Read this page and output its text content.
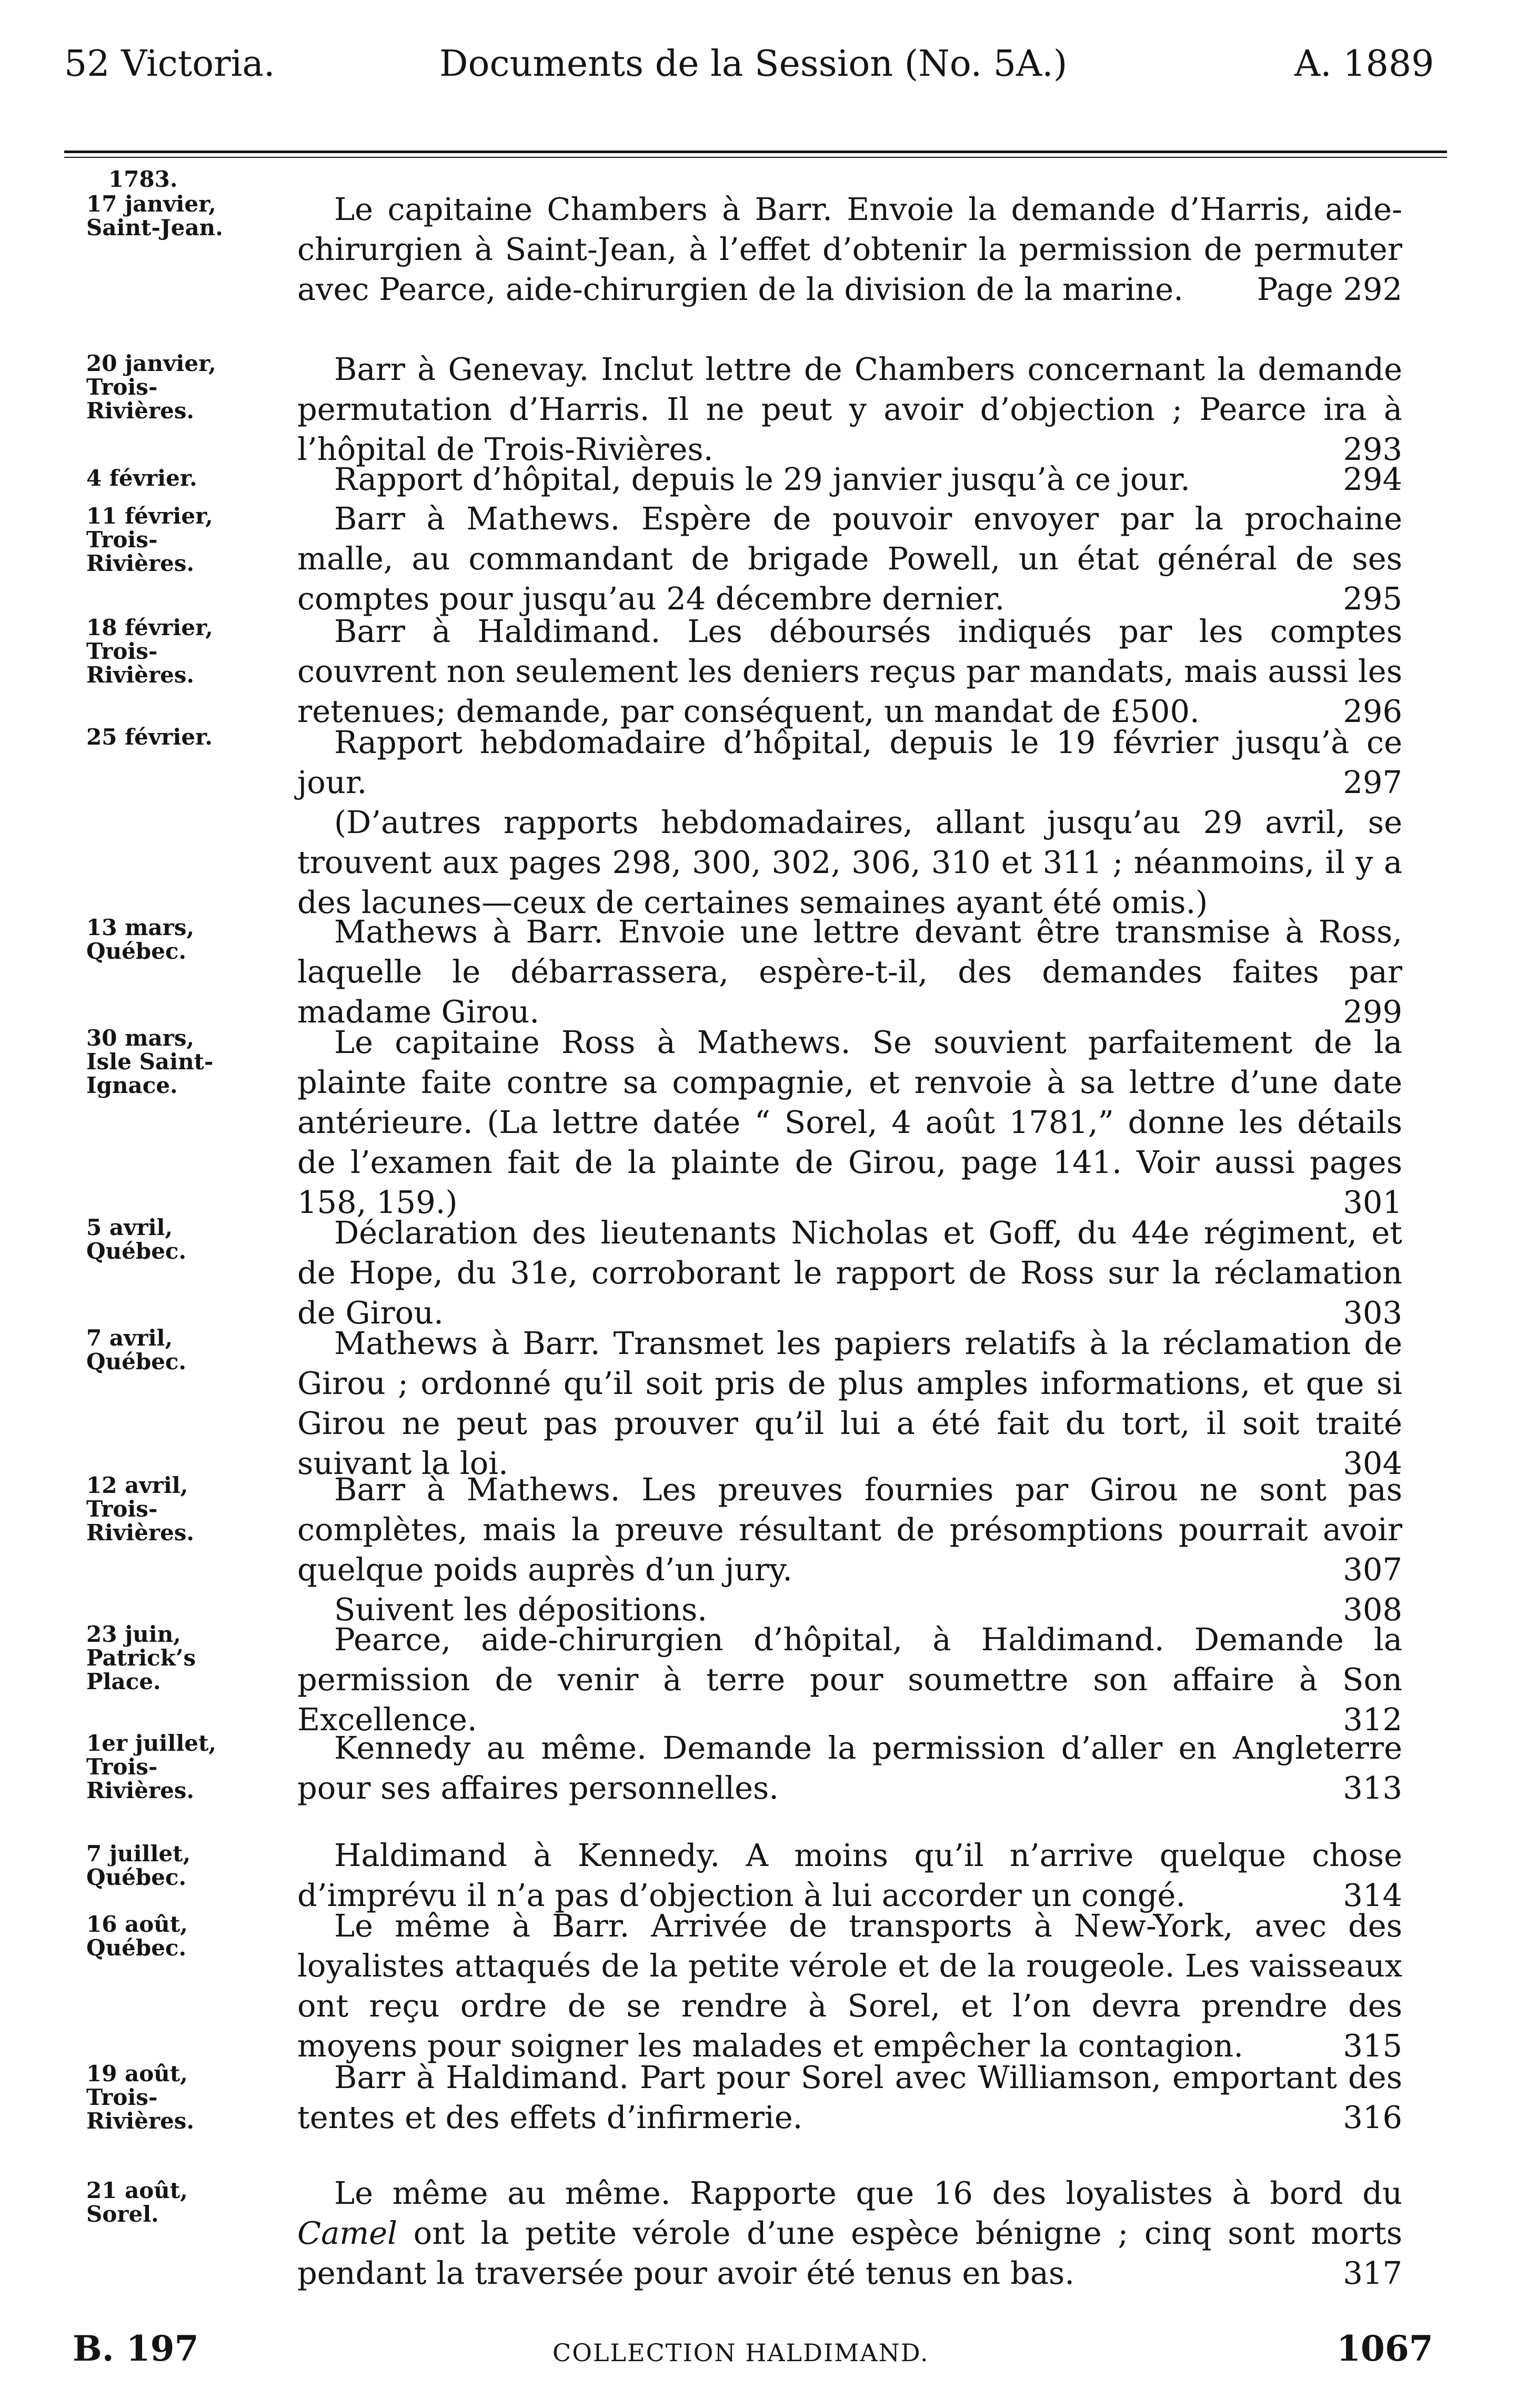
52 Victoria.	Documents de la Session (No. 5A.)	A. 1889
1783.
17 janvier,
Saint-Jean.

Le capitaine Chambers à Barr. Envoie la demande d’Harris, aide-chirurgien à Saint-Jean, à l’effet d’obtenir la permission de permuter avec Pearce, aide-chirurgien de la division de la marine.	Page 292

20 janvier,
Trois-
Rivières.

Barr à Genevay. Inclut lettre de Chambers concernant la demande permutation d’Harris. Il ne peut y avoir d’objection ; Pearce ira à l’hôpital de Trois-Rivières.	293

4 février.	Rapport d’hôpital, depuis le 29 janvier jusqu’à ce jour.	294

11 février,
Trois-
Rivières.

Barr à Mathews. Espère de pouvoir envoyer par la prochaine malle, au commandant de brigade Powell, un état général de ses comptes pour jusqu’au 24 décembre dernier.	295

18 février,
Trois-
Rivières.

Barr à Haldimand. Les déboursés indiqués par les comptes couvrent non seulement les deniers reçus par mandats, mais aussi les retenues; demande, par conséquent, un mandat de £500.	296

25 février.	Rapport hebdomadaire d’hôpital, depuis le 19 février jusqu’à ce jour.	297

(D’autres rapports hebdomadaires, allant jusqu’au 29 avril, se trouvent aux pages 298, 300, 302, 306, 310 et 311 ; néanmoins, il y a des lacunes—ceux de certaines semaines ayant été omis.)

13 mars,
Québec.

Mathews à Barr. Envoie une lettre devant être transmise à Ross, laquelle le débarrassera, espère-t-il, des demandes faites par madame Girou.	299

30 mars,
Isle Saint-
Ignace.

Le capitaine Ross à Mathews. Se souvient parfaitement de la plainte faite contre sa compagnie, et renvoie à sa lettre d’une date antérieure. (La lettre datée “ Sorel, 4 août 1781,” donne les détails de l’examen fait de la plainte de Girou, page 141. Voir aussi pages 158, 159.)	301

5 avril,
Québec.

Déclaration des lieutenants Nicholas et Goff, du 44e régiment, et de Hope, du 31e, corroborant le rapport de Ross sur la réclamation de Girou.	303

7 avril,
Québec.

Mathews à Barr. Transmet les papiers relatifs à la réclamation de Girou ; ordonné qu’il soit pris de plus amples informations, et que si Girou ne peut pas prouver qu’il lui a été fait du tort, il soit traité suivant la loi.	304

12 avril,
Trois-
Rivières.

Barr à Mathews. Les preuves fournies par Girou ne sont pas complètes, mais la preuve résultant de présomptions pourrait avoir quelque poids auprès d’un jury.	307

Suivent les dépositions.	308

23 juin,
Patrick’s
Place.

Pearce, aide-chirurgien d’hôpital, à Haldimand. Demande la permission de venir à terre pour soumettre son affaire à Son Excellence.	312

1er juillet,
Trois-
Rivières.

Kennedy au même. Demande la permission d’aller en Angleterre pour ses affaires personnelles.	313

7 juillet,
Québec.

Haldimand à Kennedy. A moins qu’il n’arrive quelque chose d’imprévu il n’a pas d’objection à lui accorder un congé.	314

16 août,
Québec.

Le même à Barr. Arrivée de transports à New-York, avec des loyalistes attaqués de la petite vérole et de la rougeole. Les vaisseaux ont reçu ordre de se rendre à Sorel, et l’on devra prendre des moyens pour soigner les malades et empêcher la contagion.	315

19 août,
Trois-
Rivières.

Barr à Haldimand. Part pour Sorel avec Williamson, emportant des tentes et des effets d’infirmerie.	316

21 août,
Sorel.

Le même au même. Rapporte que 16 des loyalistes à bord du Camel ont la petite vérole d’une espèce bénigne ; cinq sont morts pendant la traversée pour avoir été tenus en bas.	317

B. 197	COLLECTION HALDIMAND.	1067
